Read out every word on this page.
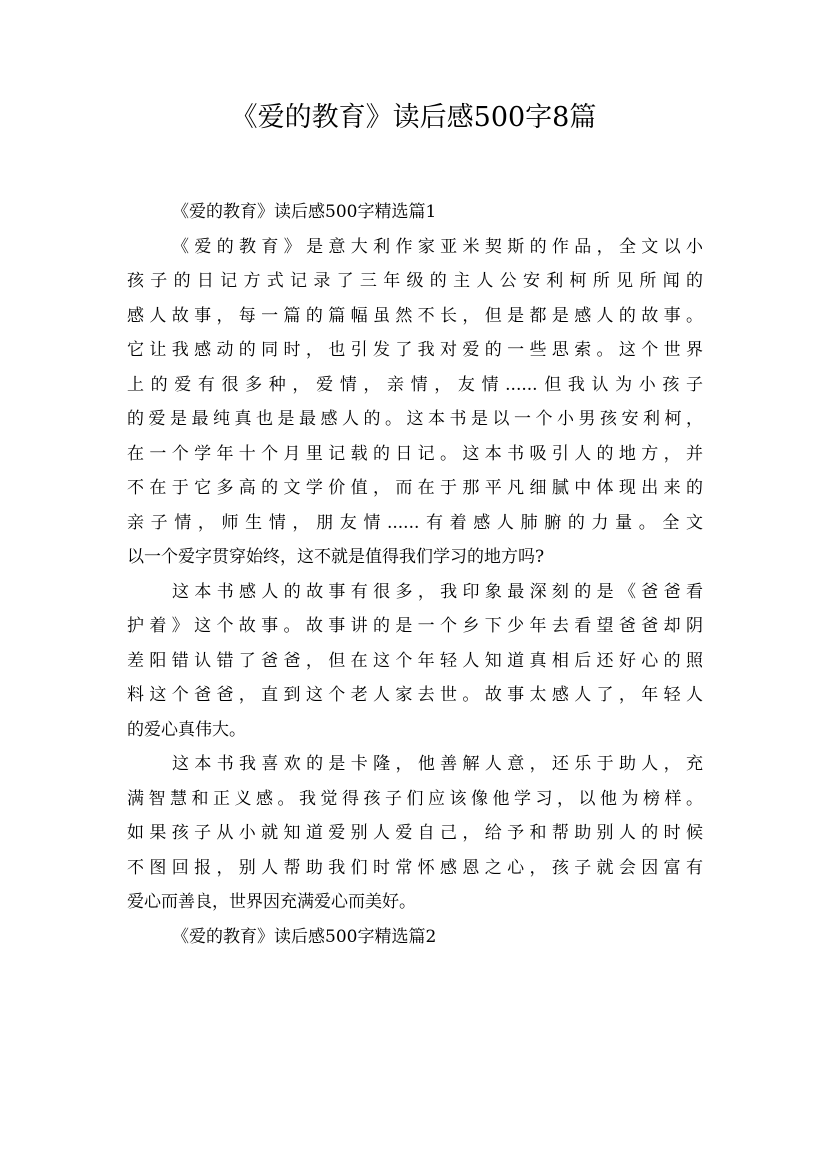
《爱的教育》读后感500字8篇
《爱的教育》读后感500字精选篇1
《爱的教育》是意大利作家亚米契斯的作品，全文以小
孩子的日记方式记录了三年级的主人公安利柯所见所闻的
感人故事，每一篇的篇幅虽然不长，但是都是感人的故事。
它让我感动的同时，也引发了我对爱的一些思索。这个世界
上的爱有很多种，爱情，亲情，友情......但我认为小孩子
的爱是最纯真也是最感人的。这本书是以一个小男孩安利柯，
在一个学年十个月里记载的日记。这本书吸引人的地方，并
不在于它多高的文学价值，而在于那平凡细腻中体现出来的
亲子情，师生情，朋友情......有着感人肺腑的力量。全文
以一个爱字贯穿始终，这不就是值得我们学习的地方吗?
这本书感人的故事有很多，我印象最深刻的是《爸爸看
护着》这个故事。故事讲的是一个乡下少年去看望爸爸却阴
差阳错认错了爸爸，但在这个年轻人知道真相后还好心的照
料这个爸爸，直到这个老人家去世。故事太感人了，年轻人
的爱心真伟大。
这本书我喜欢的是卡隆，他善解人意，还乐于助人，充
满智慧和正义感。我觉得孩子们应该像他学习，以他为榜样。
如果孩子从小就知道爱别人爱自己，给予和帮助别人的时候
不图回报，别人帮助我们时常怀感恩之心，孩子就会因富有
爱心而善良，世界因充满爱心而美好。
《爱的教育》读后感500字精选篇2
